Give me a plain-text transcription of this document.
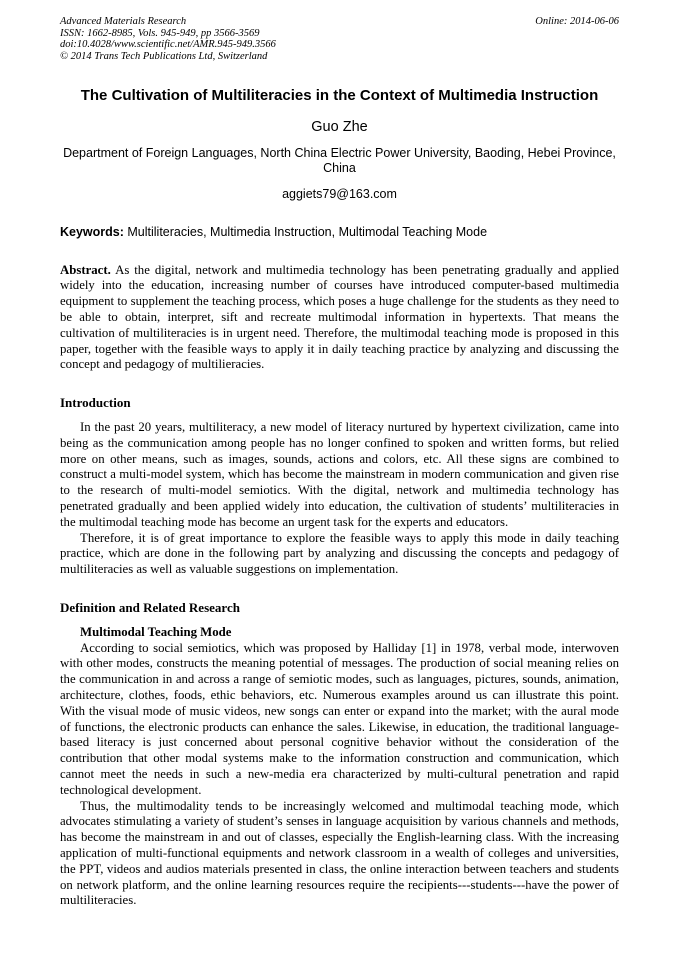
Advanced Materials Research
ISSN: 1662-8985, Vols. 945-949, pp 3566-3569
doi:10.4028/www.scientific.net/AMR.945-949.3566
© 2014 Trans Tech Publications Ltd, Switzerland
Online: 2014-06-06
The Cultivation of Multiliteracies in the Context of Multimedia Instruction
Guo Zhe
Department of Foreign Languages, North China Electric Power University, Baoding, Hebei Province, China
aggiets79@163.com
Keywords: Multiliteracies, Multimedia Instruction, Multimodal Teaching Mode
Abstract. As the digital, network and multimedia technology has been penetrating gradually and applied widely into the education, increasing number of courses have introduced computer-based multimedia equipment to supplement the teaching process, which poses a huge challenge for the students as they need to be able to obtain, interpret, sift and recreate multimodal information in hypertexts. That means the cultivation of multiliteracies is in urgent need. Therefore, the multimodal teaching mode is proposed in this paper, together with the feasible ways to apply it in daily teaching practice by analyzing and discussing the concept and pedagogy of multilieracies.
Introduction

In the past 20 years, multiliteracy, a new model of literacy nurtured by hypertext civilization, came into being as the communication among people has no longer confined to spoken and written forms, but relied more on other means, such as images, sounds, actions and colors, etc. All these signs are combined to construct a multi-model system, which has become the mainstream in modern communication and given rise to the research of multi-model semiotics. With the digital, network and multimedia technology has penetrated gradually and been applied widely into education, the cultivation of students’ multiliteracies in the multimodal teaching mode has become an urgent task for the experts and educators.

Therefore, it is of great importance to explore the feasible ways to apply this mode in daily teaching practice, which are done in the following part by analyzing and discussing the concepts and pedagogy of multiliteracies as well as valuable suggestions on implementation.

Definition and Related Research

Multimodal Teaching Mode

According to social semiotics, which was proposed by Halliday [1] in 1978, verbal mode, interwoven with other modes, constructs the meaning potential of messages. The production of social meaning relies on the communication in and across a range of semiotic modes, such as languages, pictures, sounds, animation, architecture, clothes, foods, ethic behaviors, etc. Numerous examples around us can illustrate this point. With the visual mode of music videos, new songs can enter or expand into the market; with the aural mode of functions, the electronic products can enhance the sales. Likewise, in education, the traditional language-based literacy is just concerned about personal cognitive behavior without the consideration of the contribution that other modal systems make to the information construction and communication, which cannot meet the needs in such a new-media era characterized by multi-cultural penetration and rapid technological development.

Thus, the multimodality tends to be increasingly welcomed and multimodal teaching mode, which advocates stimulating a variety of student’s senses in language acquisition by various channels and methods, has become the mainstream in and out of classes, especially the English-learning class. With the increasing application of multi-functional equipments and network classroom in a wealth of colleges and universities, the PPT, videos and audios materials presented in class, the online interaction between teachers and students on network platform, and the online learning resources require the recipients---students---have the power of multiliteracies.
